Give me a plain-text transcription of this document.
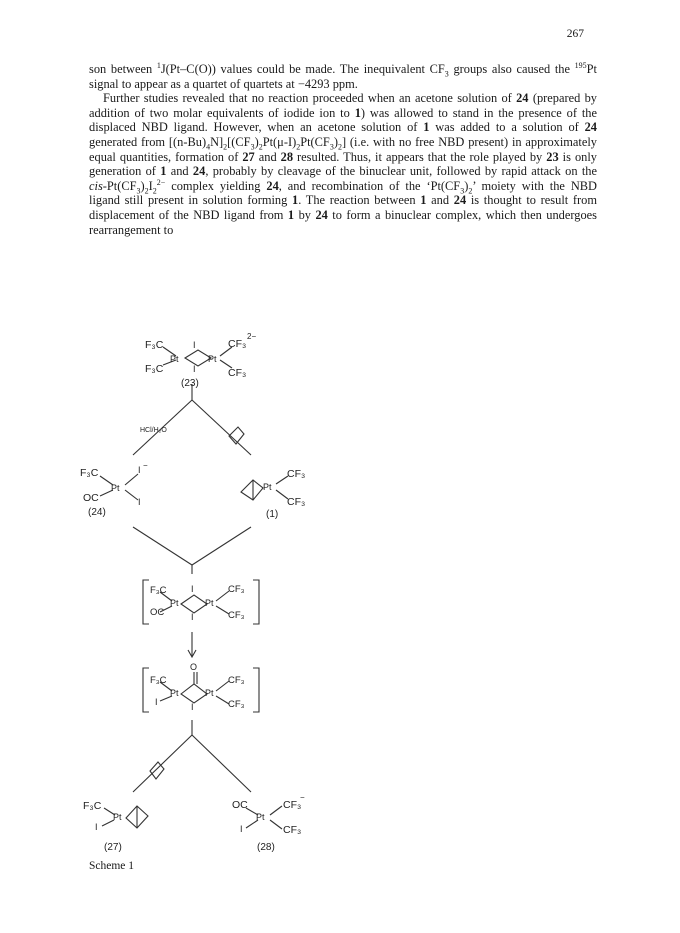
267

son between $^1$J(Pt–C(O)) values could be made. The inequivalent $CF_3$ groups also caused the $^{195}$Pt signal to appear as a quartet of quartets at −4293 ppm.

Further studies revealed that no reaction proceeded when an acetone solution of 24 (prepared by addition of two molar equivalents of iodide ion to 1) was allowed to stand in the presence of the displaced NBD ligand. However, when an acetone solution of 1 was added to a solution of 24 generated from $[(n-Bu)_4N]_2[(CF_3)_2Pt(\mu-I)_2Pt(CF_3)_2]$ (i.e. with no free NBD present) in approximately equal quantities, formation of 27 and 28 resulted. Thus, it appears that the role played by 23 is only generation of 1 and 24, probably by cleavage of the binuclear unit, followed by rapid attack on the cis-$Pt(CF_3)_2I_2^{2-}$ complex yielding 24, and recombination of the ‘$Pt(CF_3)_2$’ moiety with the NBD ligand still present in solution forming 1. The reaction between 1 and 24 is thought to result from displacement of the NBD ligand from 1 by 24 to form a binuclear complex, which then undergoes rearrangement to

F₃C
Pt
I
I
Pt
CF₃
2−
F₃C	CF₃
F₃C
Pt
I −
OC	I
Pt
CF₃
CF₃
F₃C
Pt
I
I
Pt
CF₃
OC	CF₃
O
F₃C
Pt	Pt
CF₃
I	I	CF₃
F₃C
Pt
I
OC
Pt
CF₃
−
I	CF₃
HCl/H₂O
(23)
(24)	(1)
(27)	(28)
Scheme 1
